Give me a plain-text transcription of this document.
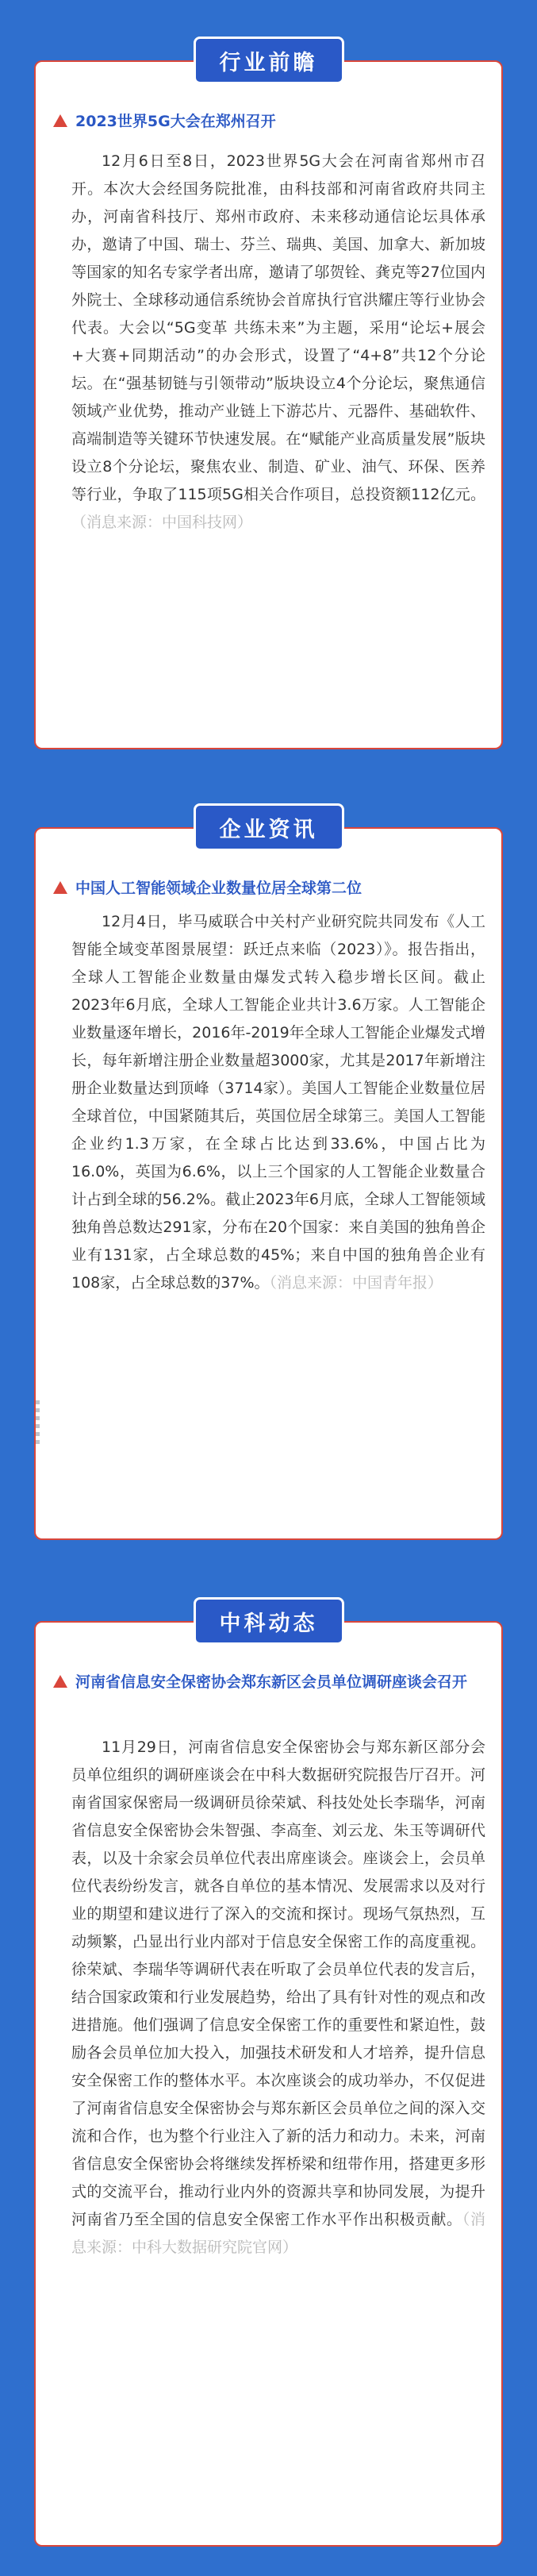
行业前瞻
2023世界5G大会在郑州召开
12月6日至8日，2023世界5G大会在河南省郑州市召开。本次大会经国务院批准，由科技部和河南省政府共同主办，河南省科技厅、郑州市政府、未来移动通信论坛具体承办，邀请了中国、瑞士、芬兰、瑞典、美国、加拿大、新加坡等国家的知名专家学者出席，邀请了邬贺铨、龚克等27位国内外院士、全球移动通信系统协会首席执行官洪耀庄等行业协会代表。大会以“5G变革 共练未来”为主题，采用“论坛+展会+大赛+同期活动”的办会形式，设置了“4+8”共12个分论坛。在“强基韧链与引领带动”版块设立4个分论坛，聚焦通信领域产业优势，推动产业链上下游芯片、元器件、基础软件、高端制造等关键环节快速发展。在“赋能产业高质量发展”版块设立8个分论坛，聚焦农业、制造、矿业、油气、环保、医养等行业，争取了115项5G相关合作项目，总投资额112亿元。（消息来源：中国科技网）
企业资讯
中国人工智能领域企业数量位居全球第二位
12月4日，毕马威联合中关村产业研究院共同发布《人工智能全域变革图景展望：跃迁点来临（2023）》。报告指出，全球人工智能企业数量由爆发式转入稳步增长区间。截止2023年6月底，全球人工智能企业共计3.6万家。人工智能企业数量逐年增长，2016年-2019年全球人工智能企业爆发式增长，每年新增注册企业数量超3000家，尤其是2017年新增注册企业数量达到顶峰（3714家）。美国人工智能企业数量位居全球首位，中国紧随其后，英国位居全球第三。美国人工智能企业约1.3万家，在全球占比达到33.6%，中国占比为16.0%，英国为6.6%，以上三个国家的人工智能企业数量合计占到全球的56.2%。截止2023年6月底，全球人工智能领域独角兽总数达291家，分布在20个国家：来自美国的独角兽企业有131家，占全球总数的45%；来自中国的独角兽企业有108家，占全球总数的37%。（消息来源：中国青年报）
中科动态
河南省信息安全保密协会郑东新区会员单位调研座谈会召开
11月29日，河南省信息安全保密协会与郑东新区部分会员单位组织的调研座谈会在中科大数据研究院报告厅召开。河南省国家保密局一级调研员徐荣斌、科技处处长李瑞华，河南省信息安全保密协会朱智强、李高奎、刘云龙、朱玉等调研代表，以及十余家会员单位代表出席座谈会。座谈会上，会员单位代表纷纷发言，就各自单位的基本情况、发展需求以及对行业的期望和建议进行了深入的交流和探讨。现场气氛热烈，互动频繁，凸显出行业内部对于信息安全保密工作的高度重视。徐荣斌、李瑞华等调研代表在听取了会员单位代表的发言后，结合国家政策和行业发展趋势，给出了具有针对性的观点和改进措施。他们强调了信息安全保密工作的重要性和紧迫性，鼓励各会员单位加大投入，加强技术研发和人才培养，提升信息安全保密工作的整体水平。本次座谈会的成功举办，不仅促进了河南省信息安全保密协会与郑东新区会员单位之间的深入交流和合作，也为整个行业注入了新的活力和动力。未来，河南省信息安全保密协会将继续发挥桥梁和纽带作用，搭建更多形式的交流平台，推动行业内外的资源共享和协同发展，为提升河南省乃至全国的信息安全保密工作水平作出积极贡献。（消息来源：中科大数据研究院官网）
